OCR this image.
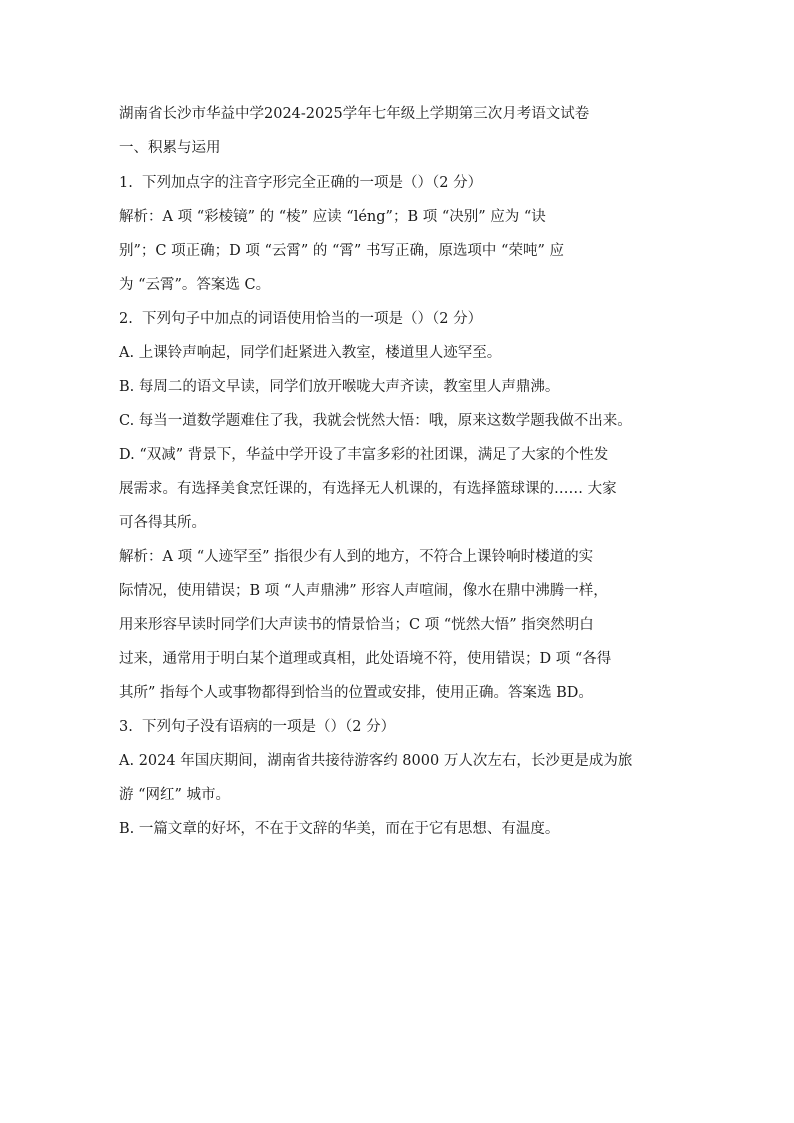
湖南省长沙市华益中学2024-2025学年七年级上学期第三次月考语文试卷

一、积累与运用

1.  下列加点字的注音字形完全正确的一项是（）（2 分）

解析：A 项 “彩棱镜” 的 “棱” 应读 “léng”；B 项 “决别” 应为 “诀

别”；C 项正确；D 项 “云霄” 的 “霄” 书写正确，原选项中 “荣吨” 应

为 “云霄”。答案选 C。

2.  下列句子中加点的词语使用恰当的一项是（）（2 分）

A. 上课铃声响起，同学们赶紧进入教室，楼道里人迹罕至。

B. 每周二的语文早读，同学们放开喉咙大声齐读，教室里人声鼎沸。

C. 每当一道数学题难住了我，我就会恍然大悟：哦，原来这数学题我做不出来。

D. “双减” 背景下，华益中学开设了丰富多彩的社团课，满足了大家的个性发

展需求。有选择美食烹饪课的，有选择无人机课的，有选择篮球课的…… 大家

可各得其所。

解析：A 项 “人迹罕至” 指很少有人到的地方，不符合上课铃响时楼道的实

际情况，使用错误；B 项 “人声鼎沸” 形容人声喧闹，像水在鼎中沸腾一样，

用来形容早读时同学们大声读书的情景恰当；C 项 “恍然大悟” 指突然明白

过来，通常用于明白某个道理或真相，此处语境不符，使用错误；D 项 “各得

其所” 指每个人或事物都得到恰当的位置或安排，使用正确。答案选 BD。

3.  下列句子没有语病的一项是（）（2 分）

A. 2024 年国庆期间，湖南省共接待游客约 8000 万人次左右，长沙更是成为旅

游 “网红” 城市。

B. 一篇文章的好坏，不在于文辞的华美，而在于它有思想、有温度。
